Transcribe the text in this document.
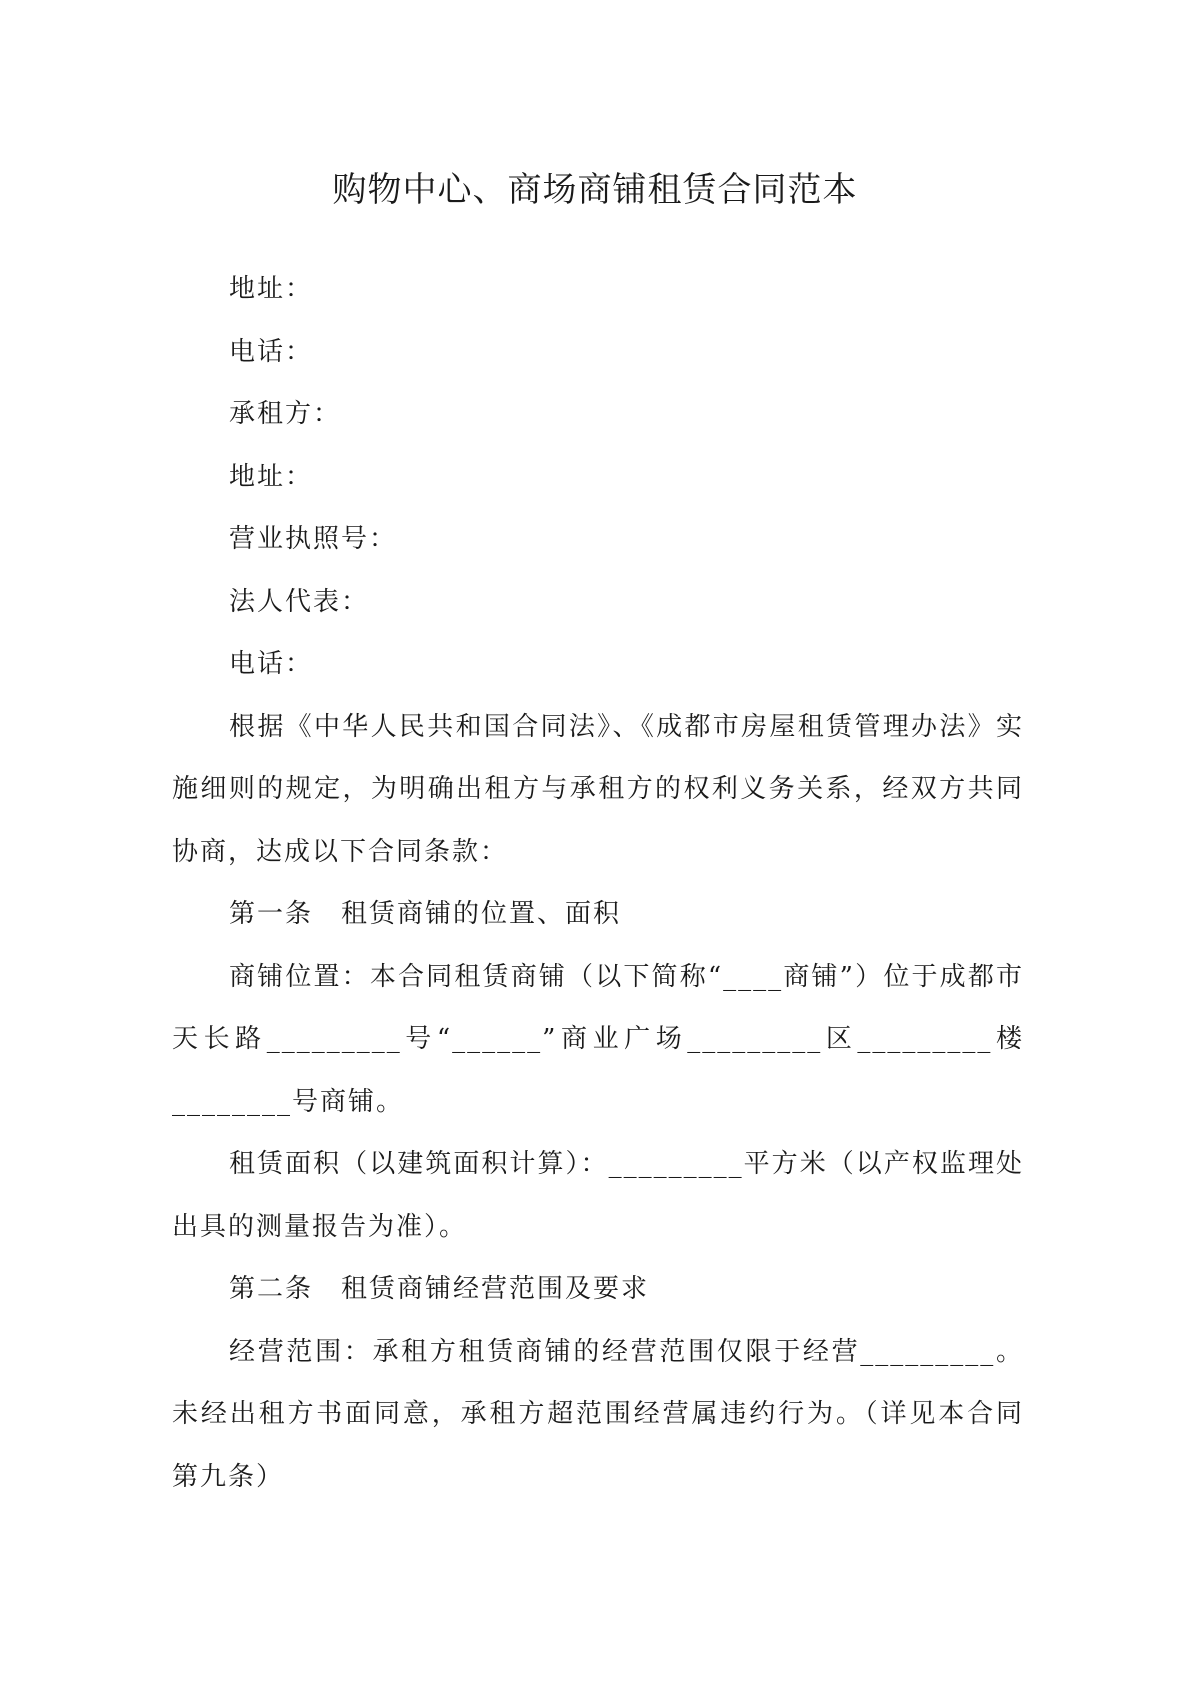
购物中心、商场商铺租赁合同范本

地址：

电话：

承租方：

地址：

营业执照号：

法人代表：

电话：

根据《中华人民共和国合同法》、《成都市房屋租赁管理办法》实施细则的规定，为明确出租方与承租方的权利义务关系，经双方共同协商，达成以下合同条款：

第一条　租赁商铺的位置、面积

商铺位置：本合同租赁商铺（以下简称“____商铺”）位于成都市天长路_________号“______”商业广场_________区_________楼________号商铺。

租赁面积（以建筑面积计算）：_________平方米（以产权监理处出具的测量报告为准）。

第二条　租赁商铺经营范围及要求

经营范围：承租方租赁商铺的经营范围仅限于经营_________。未经出租方书面同意，承租方超范围经营属违约行为。（详见本合同第九条）
